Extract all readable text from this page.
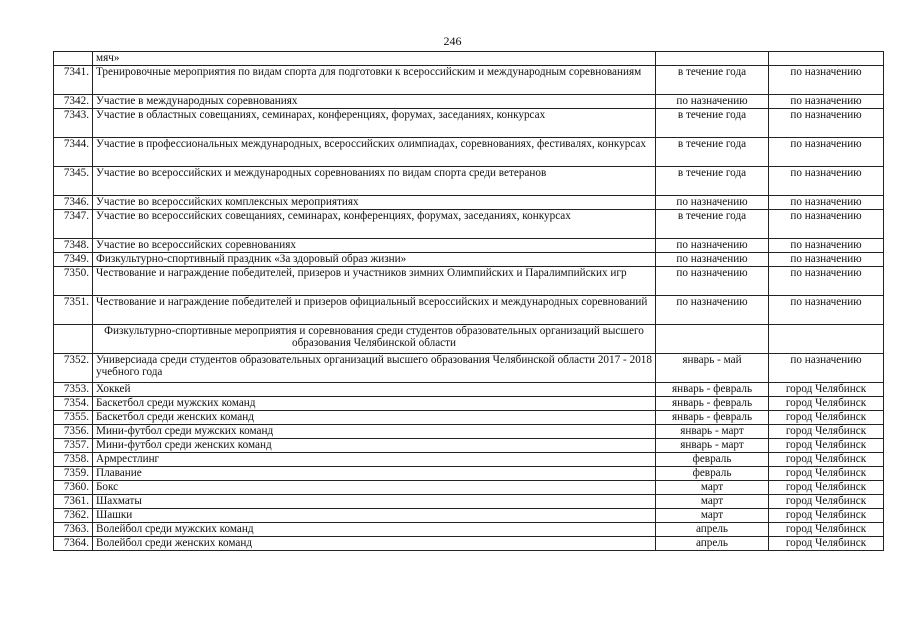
246
	мяч»		
7341.	Тренировочные мероприятия по видам спорта для подготовки к всероссийским и международным соревнованиям	в течение года	по назначению
7342.	Участие в международных соревнованиях	по назначению	по назначению
7343.	Участие в областных совещаниях, семинарах, конференциях, форумах, заседаниях, конкурсах	в течение года	по назначению
7344.	Участие в профессиональных международных, всероссийских олимпиадах, соревнованиях, фестивалях, конкурсах	в течение года	по назначению
7345.	Участие во всероссийских и международных соревнованиях по видам спорта среди ветеранов	в течение года	по назначению
7346.	Участие во всероссийских комплексных мероприятиях	по назначению	по назначению
7347.	Участие во всероссийских совещаниях, семинарах, конференциях, форумах, заседаниях, конкурсах	в течение года	по назначению
7348.	Участие во всероссийских соревнованиях	по назначению	по назначению
7349.	Физкультурно-спортивный праздник «За здоровый образ жизни»	по назначению	по назначению
7350.	Чествование и награждение победителей, призеров и участников зимних Олимпийских и Паралимпийских игр	по назначению	по назначению
7351.	Чествование и награждение победителей и призеров официальный всероссийских и международных соревнований	по назначению	по назначению
	Физкультурно-спортивные мероприятия и соревнования среди студентов образовательных организаций высшего образования Челябинской области		
7352.	Универсиада среди студентов образовательных организаций высшего образования Челябинской области 2017 - 2018 учебного года	январь - май	по назначению
7353.	Хоккей	январь - февраль	город Челябинск
7354.	Баскетбол среди мужских команд	январь - февраль	город Челябинск
7355.	Баскетбол среди женских команд	январь - февраль	город Челябинск
7356.	Мини-футбол среди мужских команд	январь - март	город Челябинск
7357.	Мини-футбол среди женских команд	январь - март	город Челябинск
7358.	Армрестлинг	февраль	город Челябинск
7359.	Плавание	февраль	город Челябинск
7360.	Бокс	март	город Челябинск
7361.	Шахматы	март	город Челябинск
7362.	Шашки	март	город Челябинск
7363.	Волейбол среди мужских команд	апрель	город Челябинск
7364.	Волейбол среди женских команд	апрель	город Челябинск
